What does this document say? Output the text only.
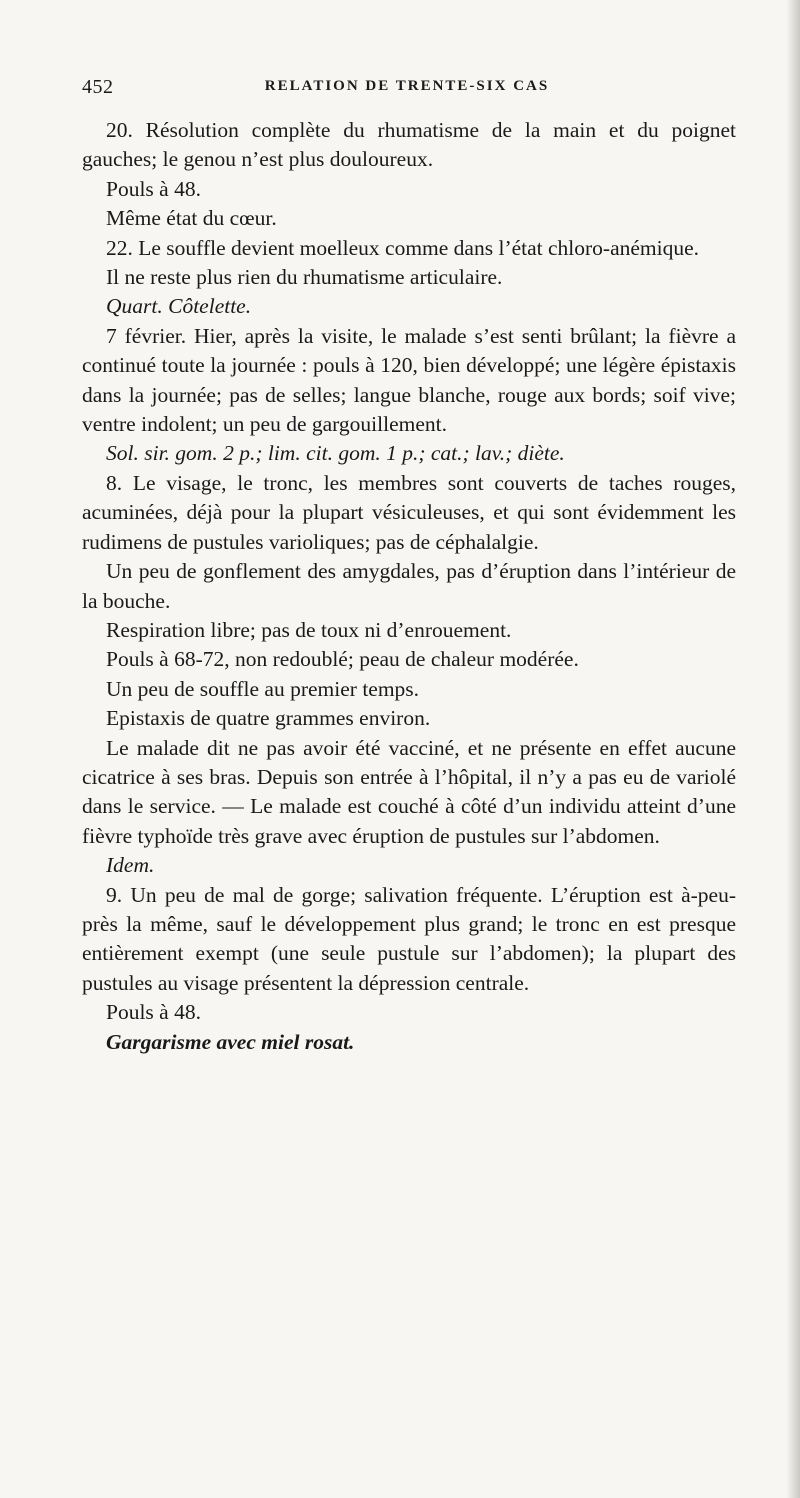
452	RELATION DE TRENTE-SIX CAS

20. Résolution complète du rhumatisme de la main et du poignet gauches; le genou n’est plus douloureux.

Pouls à 48.

Même état du cœur.

22. Le souffle devient moelleux comme dans l’état chloro-anémique.

Il ne reste plus rien du rhumatisme articulaire.

Quart. Côtelette.

7 février. Hier, après la visite, le malade s’est senti brûlant; la fièvre a continué toute la journée : pouls à 120, bien développé; une légère épistaxis dans la journée; pas de selles; langue blanche, rouge aux bords; soif vive; ventre indolent; un peu de gargouillement.

Sol. sir. gom. 2 p.; lim. cit. gom. 1 p.; cat.; lav.; diète.

8. Le visage, le tronc, les membres sont couverts de taches rouges, acuminées, déjà pour la plupart vésiculeuses, et qui sont évidemment les rudimens de pustules varioliques; pas de céphalalgie.

Un peu de gonflement des amygdales, pas d’éruption dans l’intérieur de la bouche.

Respiration libre; pas de toux ni d’enrouement.

Pouls à 68-72, non redoublé; peau de chaleur modérée.

Un peu de souffle au premier temps.

Epistaxis de quatre grammes environ.

Le malade dit ne pas avoir été vacciné, et ne présente en effet aucune cicatrice à ses bras. Depuis son entrée à l’hôpital, il n’y a pas eu de variolé dans le service. — Le malade est couché à côté d’un individu atteint d’une fièvre typhoïde très grave avec éruption de pustules sur l’abdomen.

Idem.

9. Un peu de mal de gorge; salivation fréquente. L’éruption est à-peu-près la même, sauf le développement plus grand; le tronc en est presque entièrement exempt (une seule pustule sur l’abdomen); la plupart des pustules au visage présentent la dépression centrale.

Pouls à 48.

Gargarisme avec miel rosat.
